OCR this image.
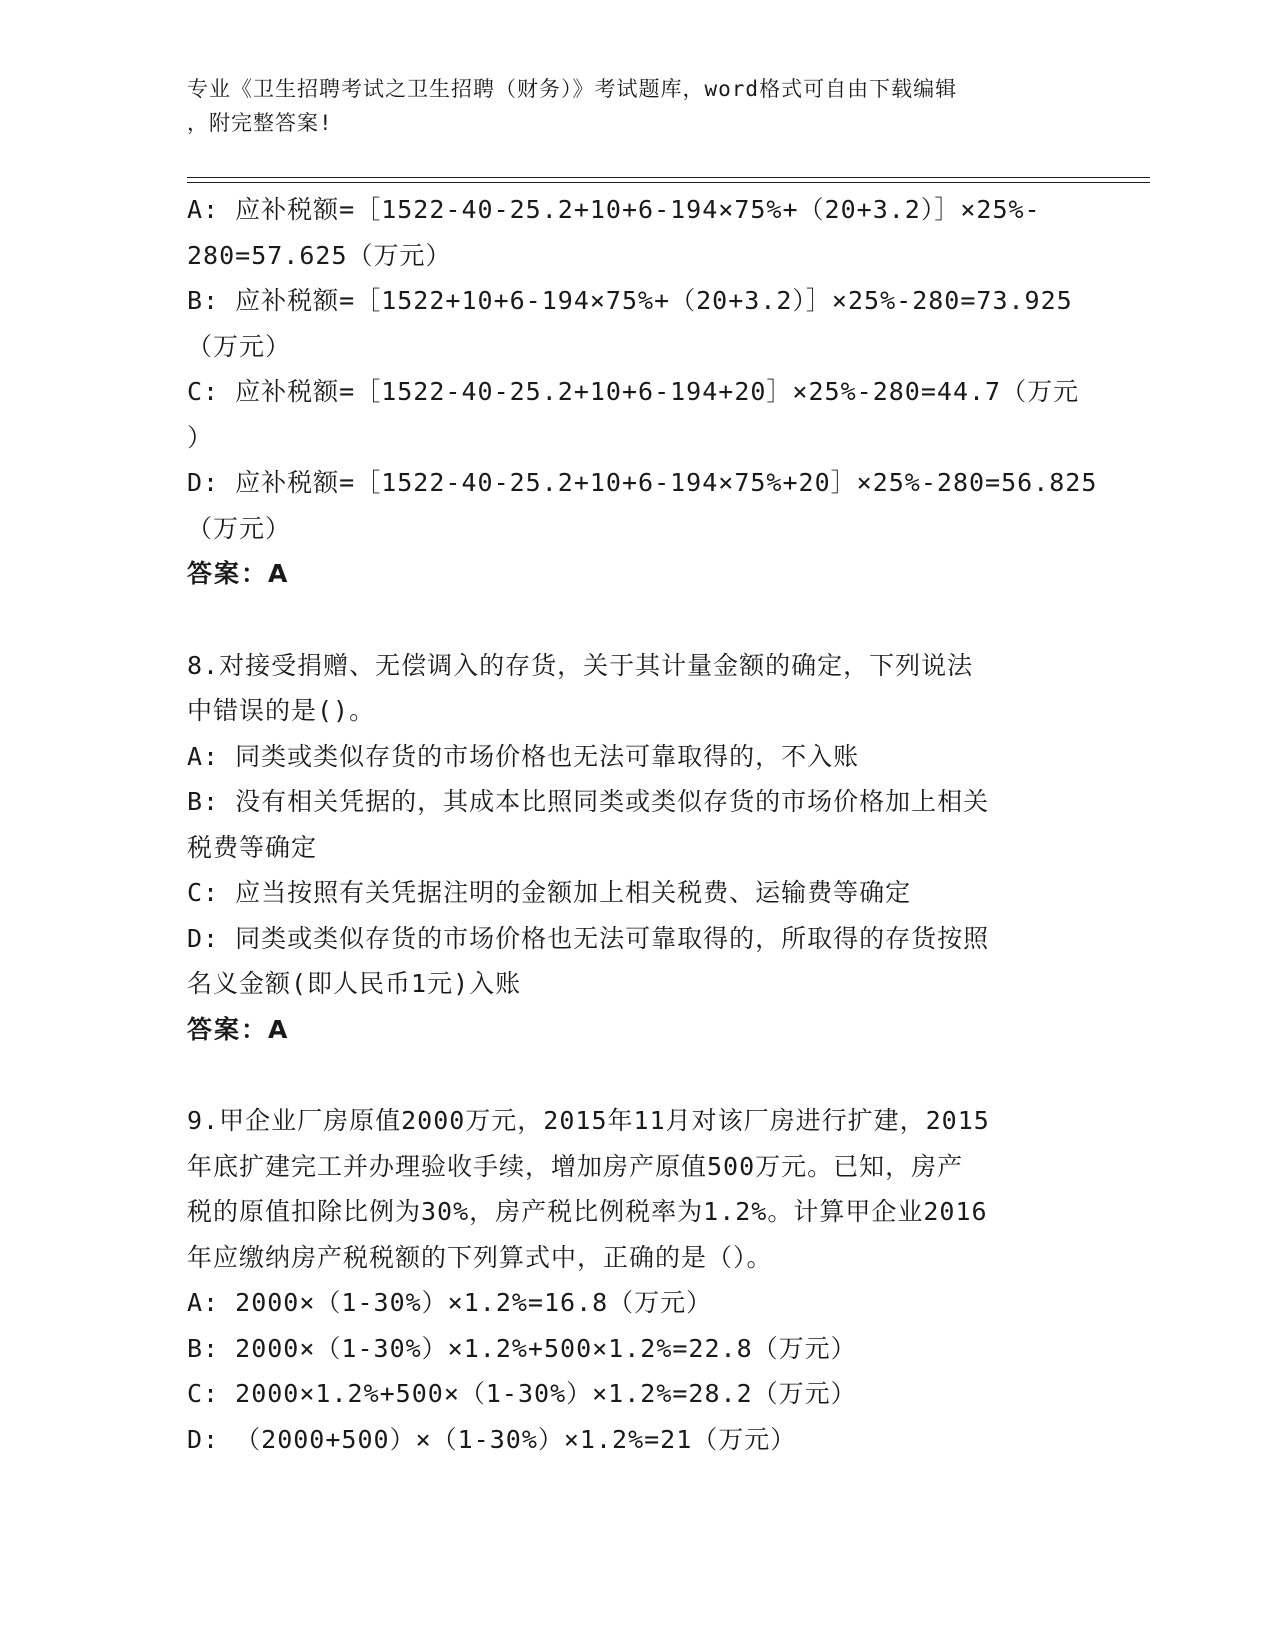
专业《卫生招聘考试之卫生招聘（财务）》考试题库，word格式可自由下载编辑
，附完整答案!
A: 应补税额=［1522-40-25.2+10+6-194×75%+（20+3.2）］×25%-
280=57.625（万元）
B: 应补税额=［1522+10+6-194×75%+（20+3.2）］×25%-280=73.925
（万元）
C: 应补税额=［1522-40-25.2+10+6-194+20］×25%-280=44.7（万元
）
D: 应补税额=［1522-40-25.2+10+6-194×75%+20］×25%-280=56.825
（万元）
答案：A
8.对接受捐赠、无偿调入的存货，关于其计量金额的确定，下列说法
中错误的是()。
A: 同类或类似存货的市场价格也无法可靠取得的，不入账
B: 没有相关凭据的，其成本比照同类或类似存货的市场价格加上相关
税费等确定
C: 应当按照有关凭据注明的金额加上相关税费、运输费等确定
D: 同类或类似存货的市场价格也无法可靠取得的，所取得的存货按照
名义金额(即人民币1元)入账
答案：A
9.甲企业厂房原值2000万元，2015年11月对该厂房进行扩建，2015
年底扩建完工并办理验收手续，增加房产原值500万元。已知，房产
税的原值扣除比例为30%，房产税比例税率为1.2%。计算甲企业2016
年应缴纳房产税税额的下列算式中，正确的是（）。
A: 2000×（1-30%）×1.2%=16.8（万元）
B: 2000×（1-30%）×1.2%+500×1.2%=22.8（万元）
C: 2000×1.2%+500×（1-30%）×1.2%=28.2（万元）
D: （2000+500）×（1-30%）×1.2%=21（万元）
